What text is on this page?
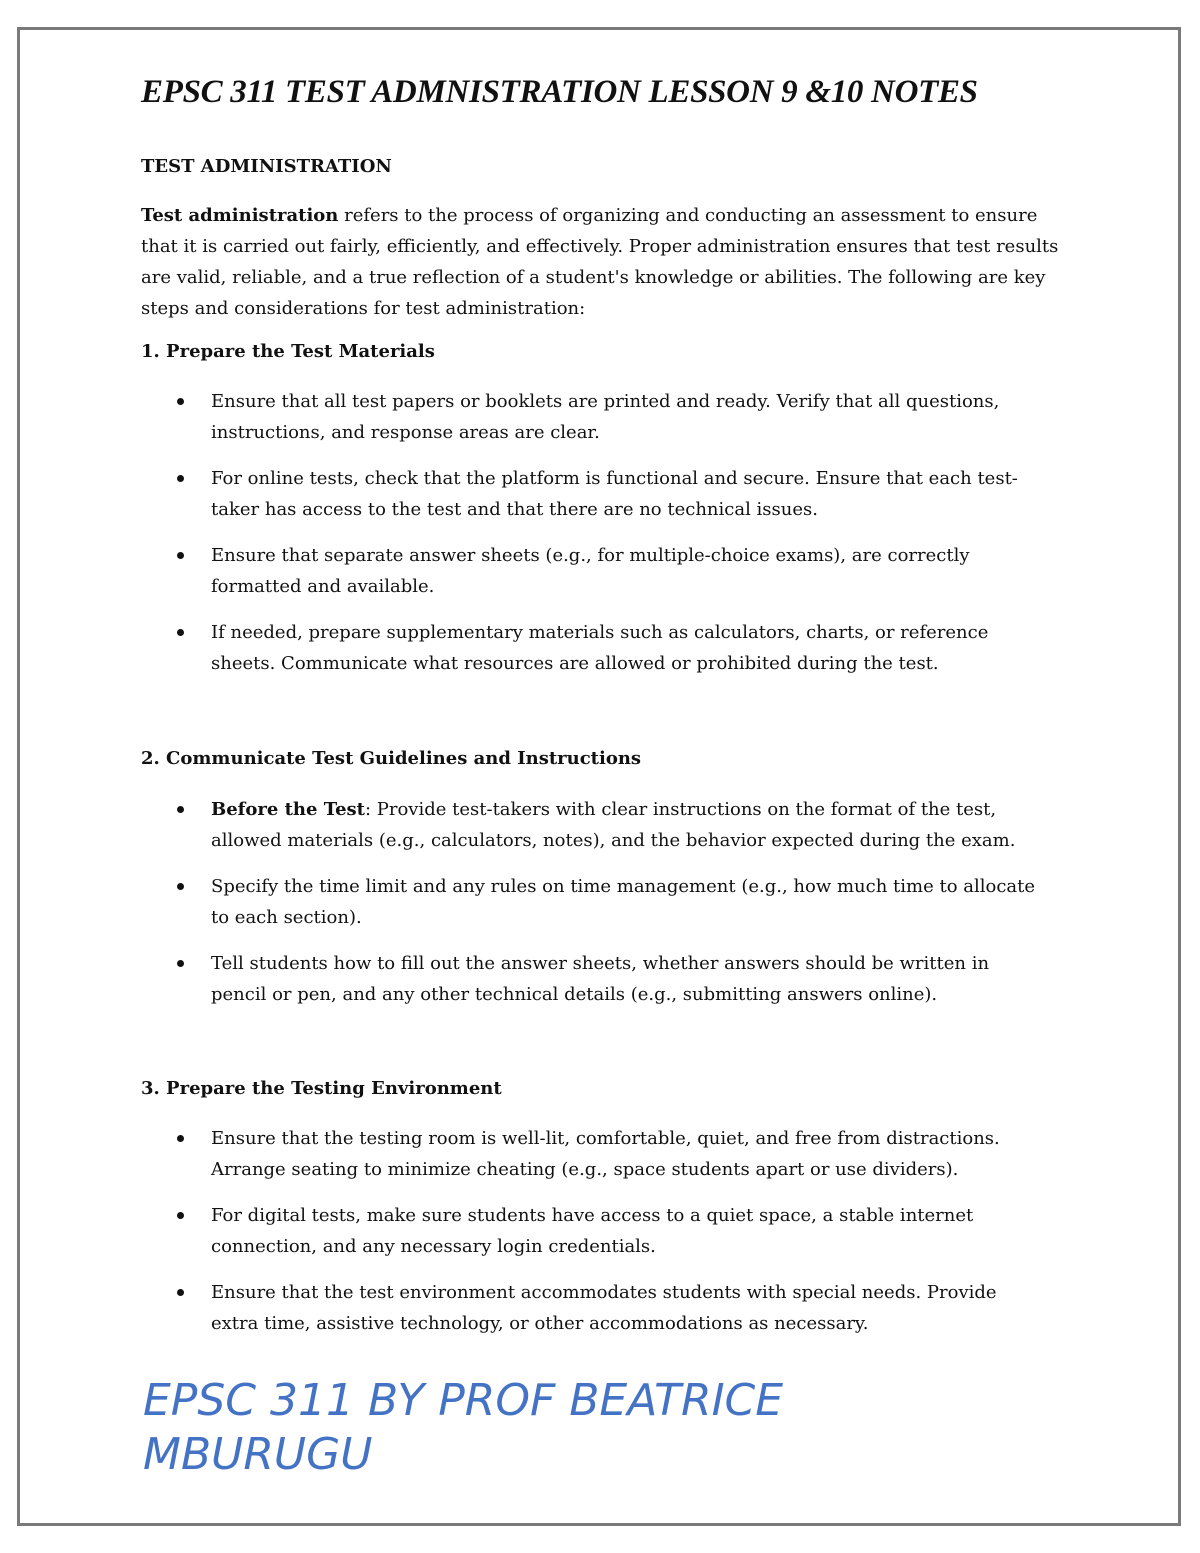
EPSC 311 TEST ADMNISTRATION LESSON 9 &10 NOTES
TEST ADMINISTRATION

Test administration refers to the process of organizing and conducting an assessment to ensure that it is carried out fairly, efficiently, and effectively. Proper administration ensures that test results are valid, reliable, and a true reflection of a student's knowledge or abilities. The following are key steps and considerations for test administration:

1. Prepare the Test Materials
Ensure that all test papers or booklets are printed and ready. Verify that all questions, instructions, and response areas are clear.
For online tests, check that the platform is functional and secure. Ensure that each test-taker has access to the test and that there are no technical issues.
Ensure that separate answer sheets (e.g., for multiple-choice exams), are correctly formatted and available.
If needed, prepare supplementary materials such as calculators, charts, or reference sheets. Communicate what resources are allowed or prohibited during the test.
2. Communicate Test Guidelines and Instructions
Before the Test: Provide test-takers with clear instructions on the format of the test, allowed materials (e.g., calculators, notes), and the behavior expected during the exam.
Specify the time limit and any rules on time management (e.g., how much time to allocate to each section).
Tell students how to fill out the answer sheets, whether answers should be written in pencil or pen, and any other technical details (e.g., submitting answers online).
3. Prepare the Testing Environment
Ensure that the testing room is well-lit, comfortable, quiet, and free from distractions. Arrange seating to minimize cheating (e.g., space students apart or use dividers).
For digital tests, make sure students have access to a quiet space, a stable internet connection, and any necessary login credentials.
Ensure that the test environment accommodates students with special needs. Provide extra time, assistive technology, or other accommodations as necessary.

EPSC 311 BY PROF BEATRICE MBURUGU
